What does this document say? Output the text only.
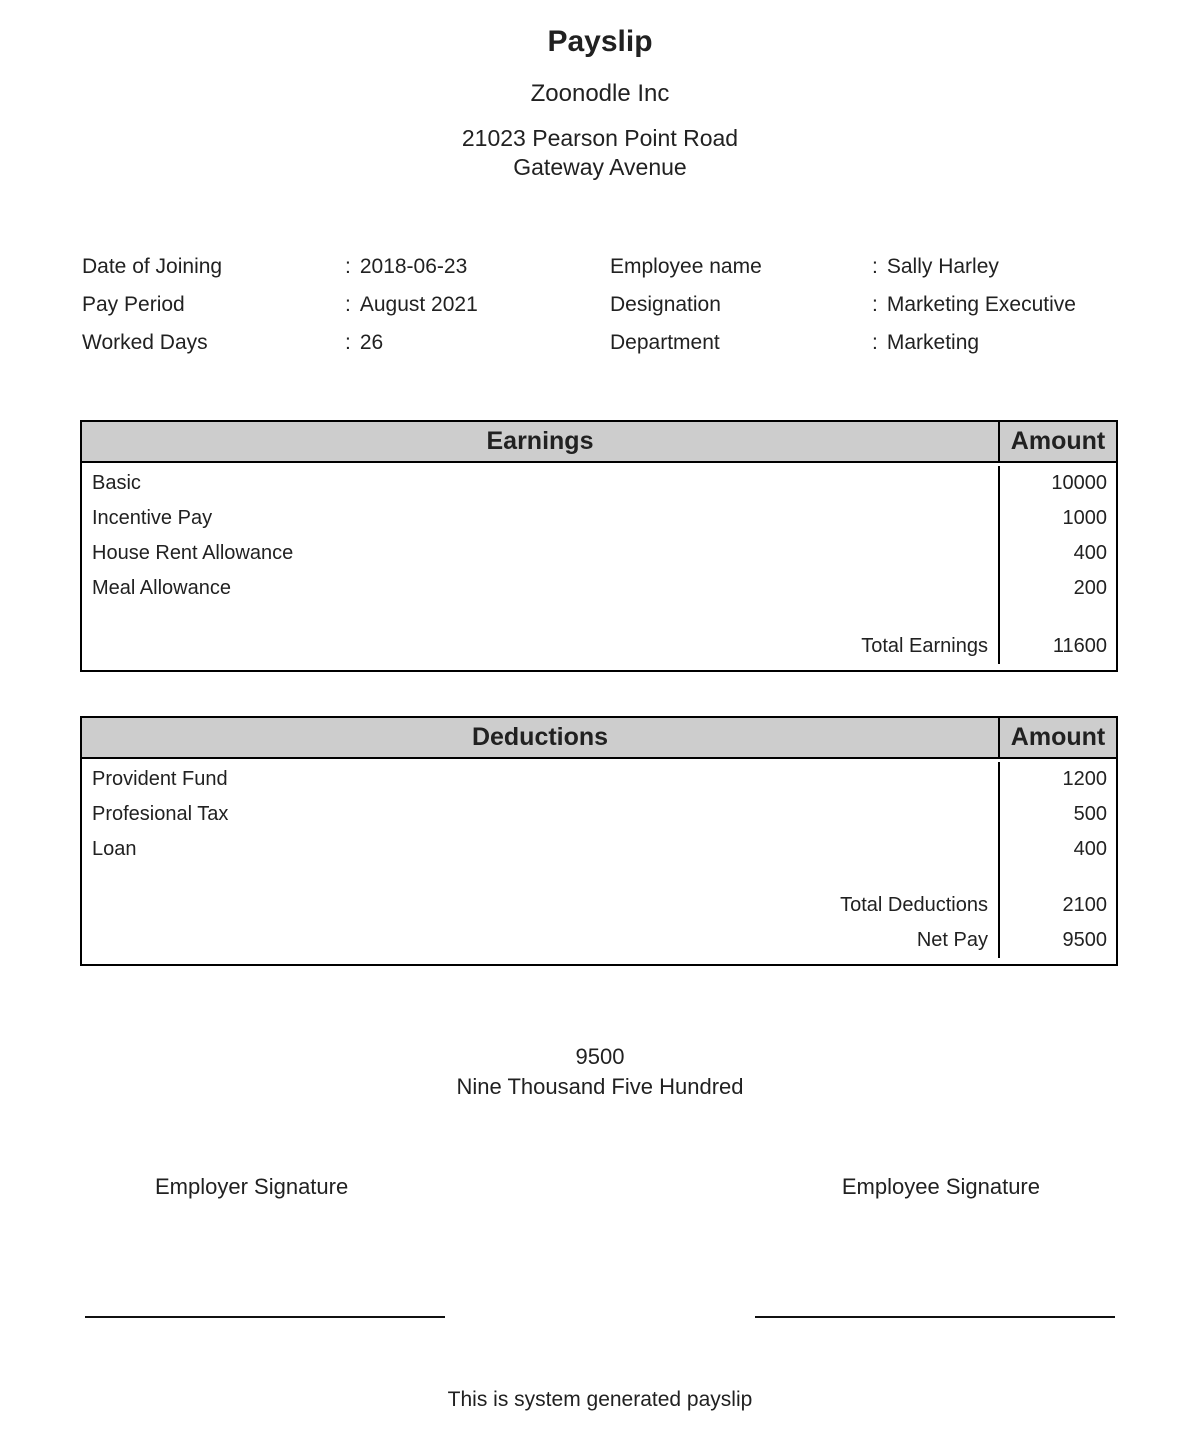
Payslip
Zoonodle Inc
21023 Pearson Point Road
Gateway Avenue
Date of Joining	: 2018-06-23
Pay Period	: August 2021
Worked Days	: 26
Employee name	: Sally Harley
Designation	: Marketing Executive
Department	: Marketing
Earnings	Amount
Basic	10000
Incentive Pay	1000
House Rent Allowance	400
Meal Allowance	200
Total Earnings	11600
Deductions	Amount
Provident Fund	1200
Profesional Tax	500
Loan	400
Total Deductions	2100
Net Pay	9500
9500
Nine Thousand Five Hundred
Employer Signature	Employee Signature
This is system generated payslip
